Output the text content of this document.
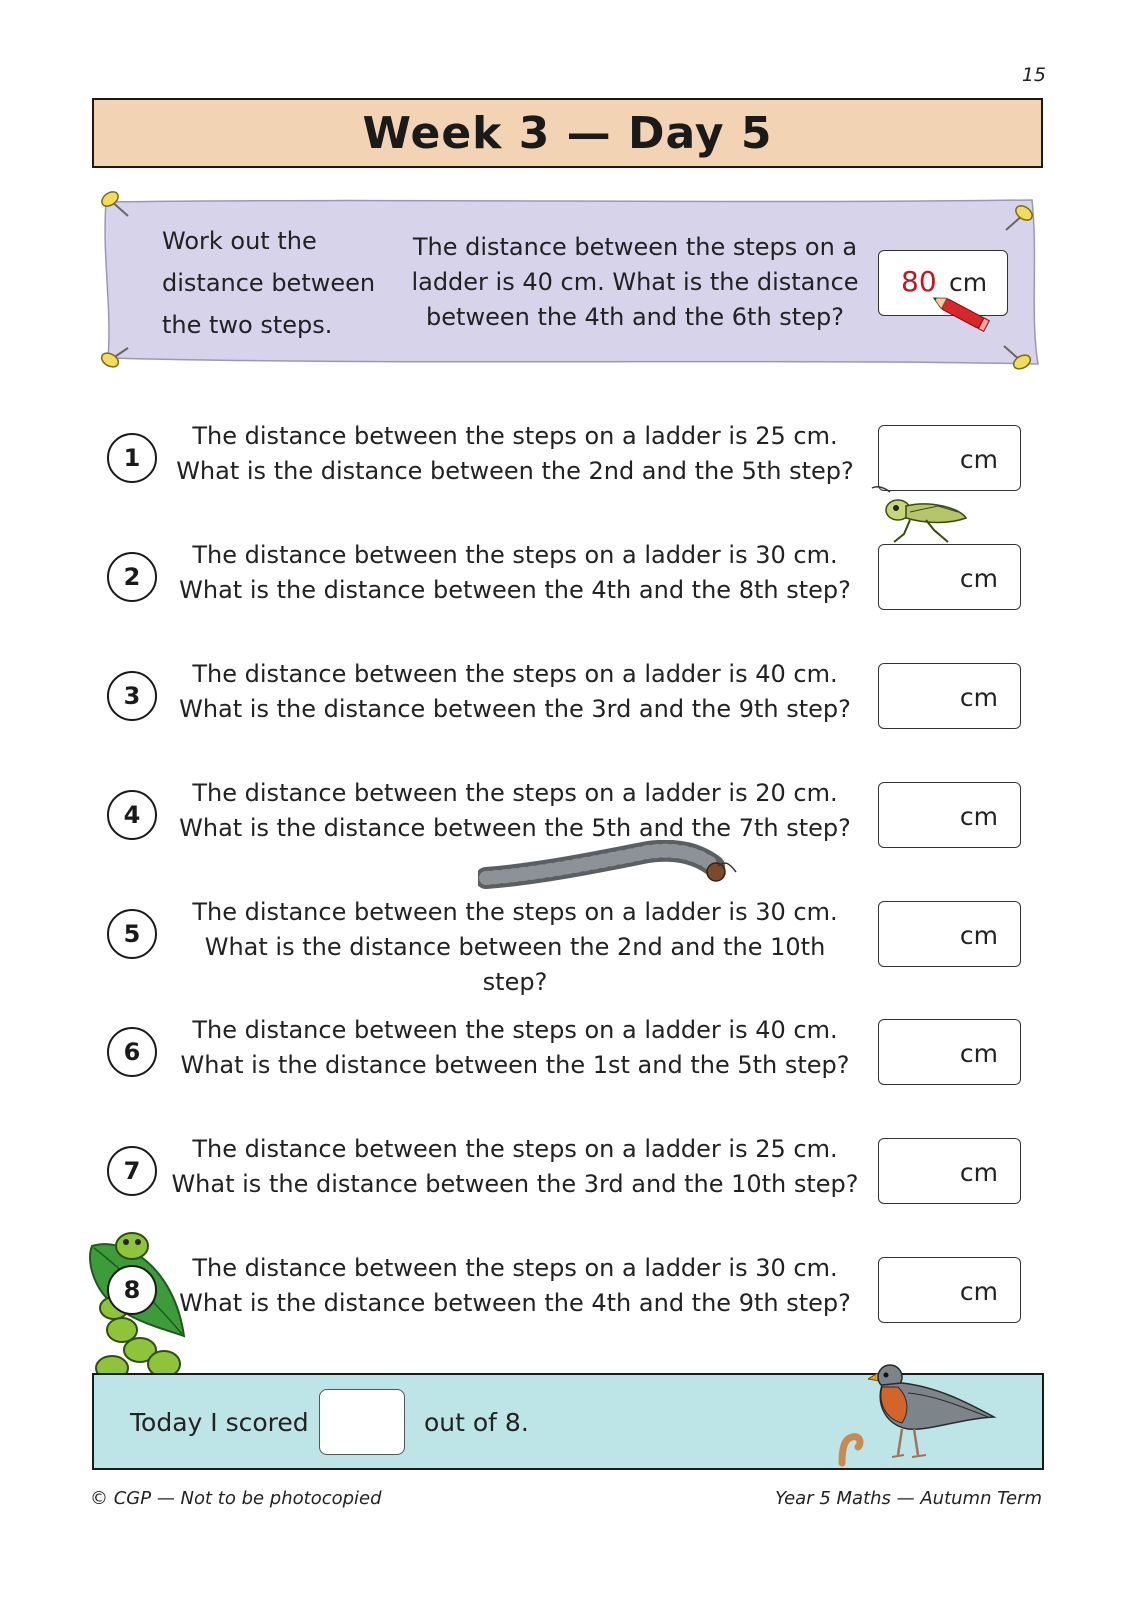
15
Week 3 — Day 5
Work out the
distance between
the two steps.
The distance between the steps on a
ladder is 40 cm. What is the distance
between the 4th and the 6th step?
80 cm
1
The distance between the steps on a ladder is 25 cm.
What is the distance between the 2nd and the 5th step?	cm
2
The distance between the steps on a ladder is 30 cm.
What is the distance between the 4th and the 8th step?	cm
3
The distance between the steps on a ladder is 40 cm.
What is the distance between the 3rd and the 9th step?	cm
4
The distance between the steps on a ladder is 20 cm.
What is the distance between the 5th and the 7th step?	cm
5
The distance between the steps on a ladder is 30 cm.
What is the distance between the 2nd and the 10th step?
cm
6
The distance between the steps on a ladder is 40 cm.
What is the distance between the 1st and the 5th step?	cm
7
The distance between the steps on a ladder is 25 cm.
What is the distance between the 3rd and the 10th step?	cm
8
The distance between the steps on a ladder is 30 cm.
What is the distance between the 4th and the 9th step?	cm
Today I scored	out of 8.
© CGP — Not to be photocopied	Year 5 Maths — Autumn Term
